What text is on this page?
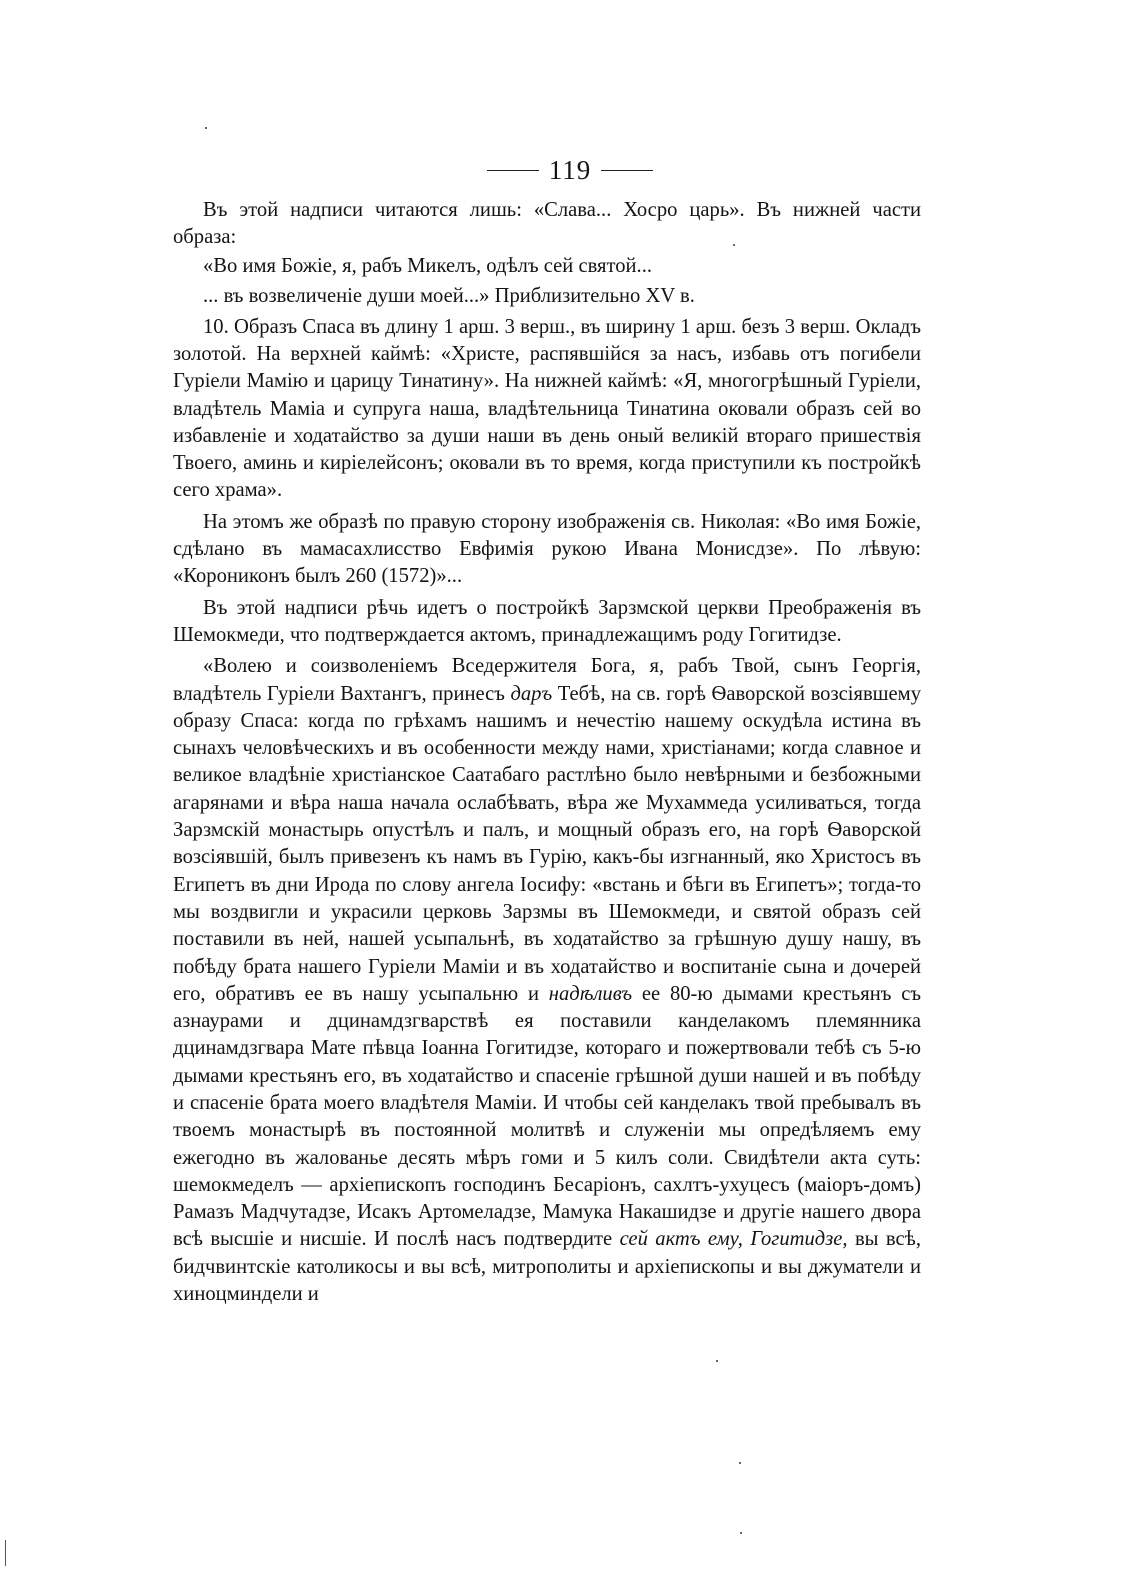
119

Въ этой надписи читаются лишь: «Слава... Хосро царь». Въ нижней части образа:

«Во имя Божіе, я, рабъ Микелъ, одѣлъ сей святой...

... въ возвеличеніе души моей...» Приблизительно XV в.

10. Образъ Спаса въ длину 1 арш. 3 верш., въ ширину 1 арш. безъ 3 верш. Окладъ золотой. На верхней каймѣ: «Христе, распявшійся за насъ, избавь отъ погибели Гуріели Мамію и царицу Тинатину». На нижней каймѣ: «Я, многогрѣшный Гуріели, владѣтель Маміа и супруга наша, владѣтельница Тинатина оковали образъ сей во избавленіе и ходатайство за души наши въ день оный великій втораго пришествія Твоего, аминь и киріелейсонъ; оковали въ то время, когда приступили къ постройкѣ сего храма».

На этомъ же образѣ по правую сторону изображенія св. Николая: «Во имя Божіе, сдѣлано въ мамасахлисство Евфимія рукою Ивана Монисдзе». По лѣвую: «Корониконъ былъ 260 (1572)»...

Въ этой надписи рѣчь идетъ о постройкѣ Зарзмской церкви Преображенія въ Шемокмеди, что подтверждается актомъ, принадлежащимъ роду Гогитидзе.

«Волею и соизволеніемъ Вседержителя Бога, я, рабъ Твой, сынъ Георгія, владѣтель Гуріели Вахтангъ, принесъ даръ Тебѣ, на св. горѣ Ѳаворской возсіявшему образу Спаса: когда по грѣхамъ нашимъ и нечестію нашему оскудѣла истина въ сынахъ человѣческихъ и въ особенности между нами, христіанами; когда славное и великое владѣніе христіанское Саатабаго растлѣно было невѣрными и безбожными агарянами и вѣра наша начала ослабѣвать, вѣра же Мухаммеда усиливаться, тогда Зарзмскій монастырь опустѣлъ и палъ, и мощный образъ его, на горѣ Ѳаворской возсіявшій, былъ привезенъ къ намъ въ Гурію, какъ-бы изгнанный, яко Христосъ въ Египетъ въ дни Ирода по слову ангела Іосифу: «встань и бѣги въ Египетъ»; тогда-то мы воздвигли и украсили церковь Зарзмы въ Шемокмеди, и святой образъ сей поставили въ ней, нашей усыпальнѣ, въ ходатайство за грѣшную душу нашу, въ побѣду брата нашего Гуріели Маміи и въ ходатайство и воспитаніе сына и дочерей его, обративъ ее въ нашу усыпальню и надѣливъ ее 80-ю дымами крестьянъ съ азнаурами и дцинамдзгварствѣ ея поставили канделакомъ племянника дцинамдзгвара Мате пѣвца Іоанна Гогитидзе, котораго и пожертвовали тебѣ съ 5-ю дымами крестьянъ его, въ ходатайство и спасеніе грѣшной души нашей и въ побѣду и спасеніе брата моего владѣтеля Маміи. И чтобы сей канделакъ твой пребывалъ въ твоемъ монастырѣ въ постоянной молитвѣ и служеніи мы опредѣляемъ ему ежегодно въ жалованье десять мѣръ гоми и 5 килъ соли. Свидѣтели акта суть: шемокмеделъ — архіепископъ господинъ Бесаріонъ, сахлтъ-ухуцесъ (маіоръ-домъ) Рамазъ Мадчутадзе, Исакъ Артомеладзе, Мамука Накашидзе и другіе нашего двора всѣ высшіе и нисшіе. И послѣ насъ подтвердите сей актъ ему, Гогитидзе, вы всѣ, бидчвинтскіе католикосы и вы всѣ, митрополиты и архіепископы и вы джуматели и хиноцминдели и
